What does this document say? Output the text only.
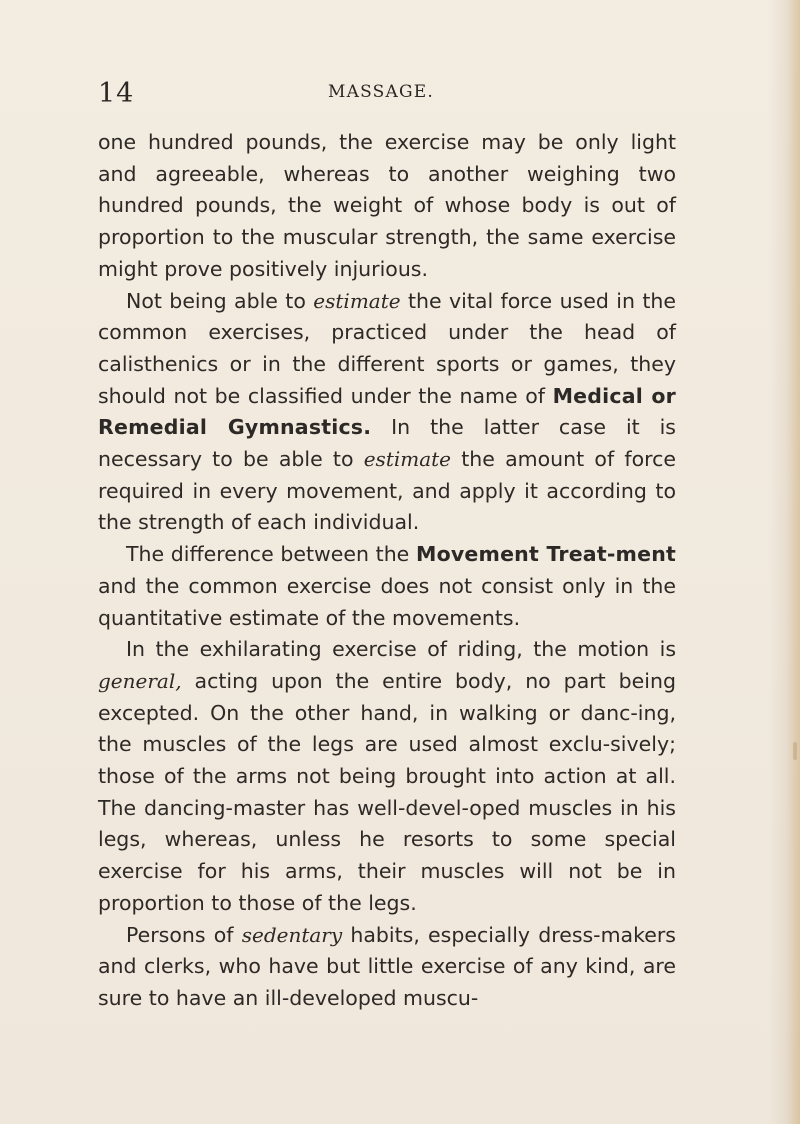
14	MASSAGE.

one hundred pounds, the exercise may be only light and agreeable, whereas to another weighing two hundred pounds, the weight of whose body is out of proportion to the muscular strength, the same exercise might prove positively injurious.

Not being able to estimate the vital force used in the common exercises, practiced under the head of calisthenics or in the different sports or games, they should not be classified under the name of Medical or Remedial Gymnastics. In the latter case it is necessary to be able to estimate the amount of force required in every movement, and apply it according to the strength of each individual.

The difference between the Movement Treat-ment and the common exercise does not consist only in the quantitative estimate of the movements.

In the exhilarating exercise of riding, the motion is general, acting upon the entire body, no part being excepted. On the other hand, in walking or danc-ing, the muscles of the legs are used almost exclu-sively; those of the arms not being brought into action at all. The dancing-master has well-devel-oped muscles in his legs, whereas, unless he resorts to some special exercise for his arms, their muscles will not be in proportion to those of the legs.

Persons of sedentary habits, especially dress-makers and clerks, who have but little exercise of any kind, are sure to have an ill-developed muscu-
